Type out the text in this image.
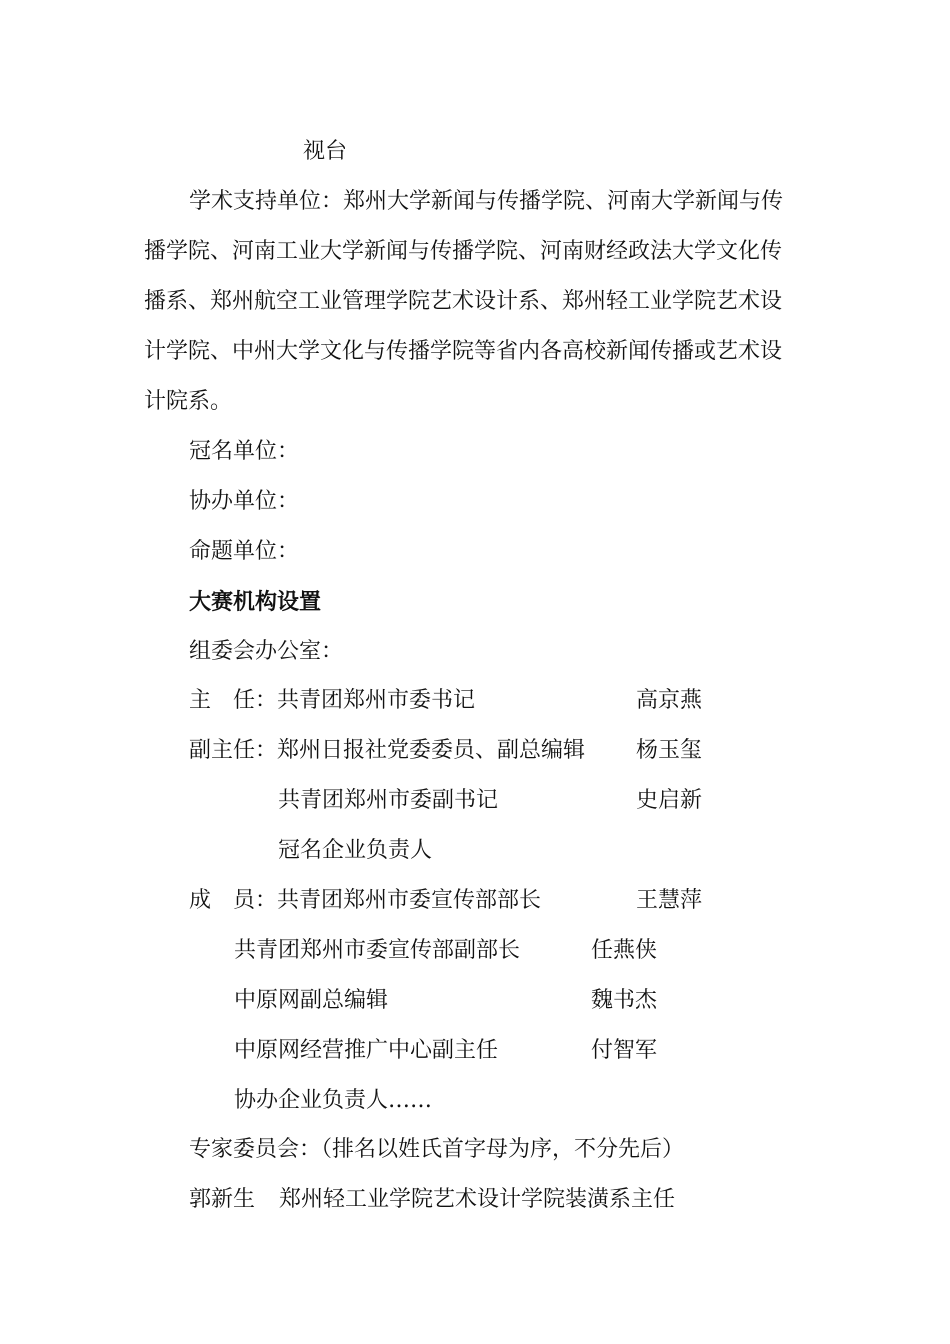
视台

学术支持单位：郑州大学新闻与传播学院、河南大学新闻与传

播学院、河南工业大学新闻与传播学院、河南财经政法大学文化传

播系、郑州航空工业管理学院艺术设计系、郑州轻工业学院艺术设

计学院、中州大学文化与传播学院等省内各高校新闻传播或艺术设

计院系。

冠名单位：

协办单位：

命题单位：

大赛机构设置

组委会办公室：

主　任：共青团郑州市委书记	高京燕

副主任：郑州日报社党委委员、副总编辑 杨玉玺

共青团郑州市委副书记	史启新

冠名企业负责人

成　员：共青团郑州市委宣传部部长	王慧萍

共青团郑州市委宣传部副部长	任燕侠

中原网副总编辑	魏书杰

中原网经营推广中心副主任	付智军

协办企业负责人……

专家委员会：（排名以姓氏首字母为序，不分先后）

郭新生 郑州轻工业学院艺术设计学院装潢系主任
